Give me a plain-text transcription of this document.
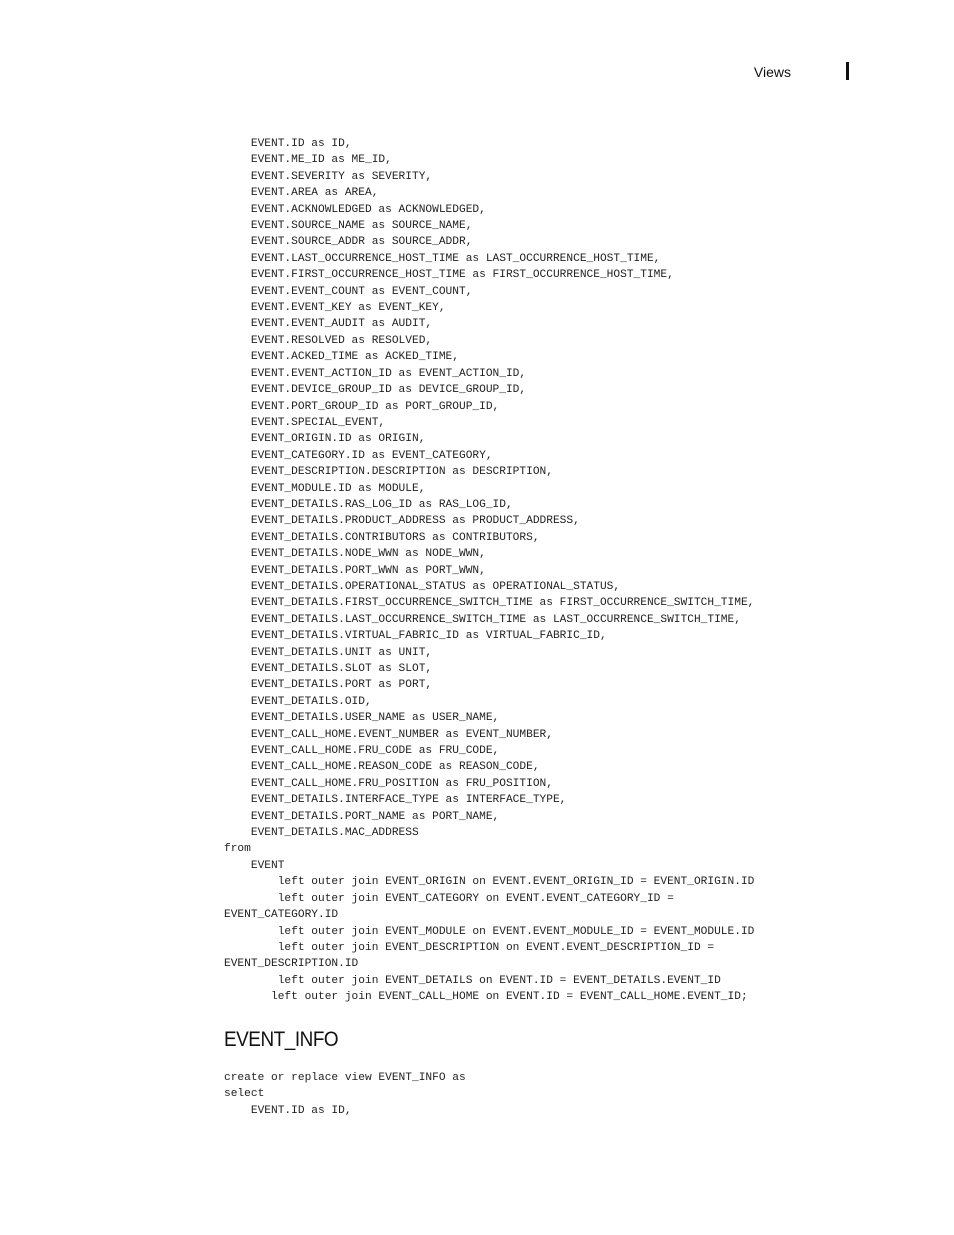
Views
EVENT.ID as ID,
EVENT.ME_ID as ME_ID,
EVENT.SEVERITY as SEVERITY,
EVENT.AREA as AREA,
EVENT.ACKNOWLEDGED as ACKNOWLEDGED,
EVENT.SOURCE_NAME as SOURCE_NAME,
EVENT.SOURCE_ADDR as SOURCE_ADDR,
EVENT.LAST_OCCURRENCE_HOST_TIME as LAST_OCCURRENCE_HOST_TIME,
EVENT.FIRST_OCCURRENCE_HOST_TIME as FIRST_OCCURRENCE_HOST_TIME,
EVENT.EVENT_COUNT as EVENT_COUNT,
EVENT.EVENT_KEY as EVENT_KEY,
EVENT.EVENT_AUDIT as AUDIT,
EVENT.RESOLVED as RESOLVED,
EVENT.ACKED_TIME as ACKED_TIME,
EVENT.EVENT_ACTION_ID as EVENT_ACTION_ID,
EVENT.DEVICE_GROUP_ID as DEVICE_GROUP_ID,
EVENT.PORT_GROUP_ID as PORT_GROUP_ID,
EVENT.SPECIAL_EVENT,
EVENT_ORIGIN.ID as ORIGIN,
EVENT_CATEGORY.ID as EVENT_CATEGORY,
EVENT_DESCRIPTION.DESCRIPTION as DESCRIPTION,
EVENT_MODULE.ID as MODULE,
EVENT_DETAILS.RAS_LOG_ID as RAS_LOG_ID,
EVENT_DETAILS.PRODUCT_ADDRESS as PRODUCT_ADDRESS,
EVENT_DETAILS.CONTRIBUTORS as CONTRIBUTORS,
EVENT_DETAILS.NODE_WWN as NODE_WWN,
EVENT_DETAILS.PORT_WWN as PORT_WWN,
EVENT_DETAILS.OPERATIONAL_STATUS as OPERATIONAL_STATUS,
EVENT_DETAILS.FIRST_OCCURRENCE_SWITCH_TIME as FIRST_OCCURRENCE_SWITCH_TIME,
EVENT_DETAILS.LAST_OCCURRENCE_SWITCH_TIME as LAST_OCCURRENCE_SWITCH_TIME,
EVENT_DETAILS.VIRTUAL_FABRIC_ID as VIRTUAL_FABRIC_ID,
EVENT_DETAILS.UNIT as UNIT,
EVENT_DETAILS.SLOT as SLOT,
EVENT_DETAILS.PORT as PORT,
EVENT_DETAILS.OID,
EVENT_DETAILS.USER_NAME as USER_NAME,
EVENT_CALL_HOME.EVENT_NUMBER as EVENT_NUMBER,
EVENT_CALL_HOME.FRU_CODE as FRU_CODE,
EVENT_CALL_HOME.REASON_CODE as REASON_CODE,
EVENT_CALL_HOME.FRU_POSITION as FRU_POSITION,
EVENT_DETAILS.INTERFACE_TYPE as INTERFACE_TYPE,
EVENT_DETAILS.PORT_NAME as PORT_NAME,
EVENT_DETAILS.MAC_ADDRESS
from
EVENT
left outer join EVENT_ORIGIN on EVENT.EVENT_ORIGIN_ID = EVENT_ORIGIN.ID
left outer join EVENT_CATEGORY on EVENT.EVENT_CATEGORY_ID =
EVENT_CATEGORY.ID
left outer join EVENT_MODULE on EVENT.EVENT_MODULE_ID = EVENT_MODULE.ID
left outer join EVENT_DESCRIPTION on EVENT.EVENT_DESCRIPTION_ID =
EVENT_DESCRIPTION.ID
left outer join EVENT_DETAILS on EVENT.ID = EVENT_DETAILS.EVENT_ID
left outer join EVENT_CALL_HOME on EVENT.ID = EVENT_CALL_HOME.EVENT_ID;
EVENT_INFO
create or replace view EVENT_INFO as
select
EVENT.ID as ID,
